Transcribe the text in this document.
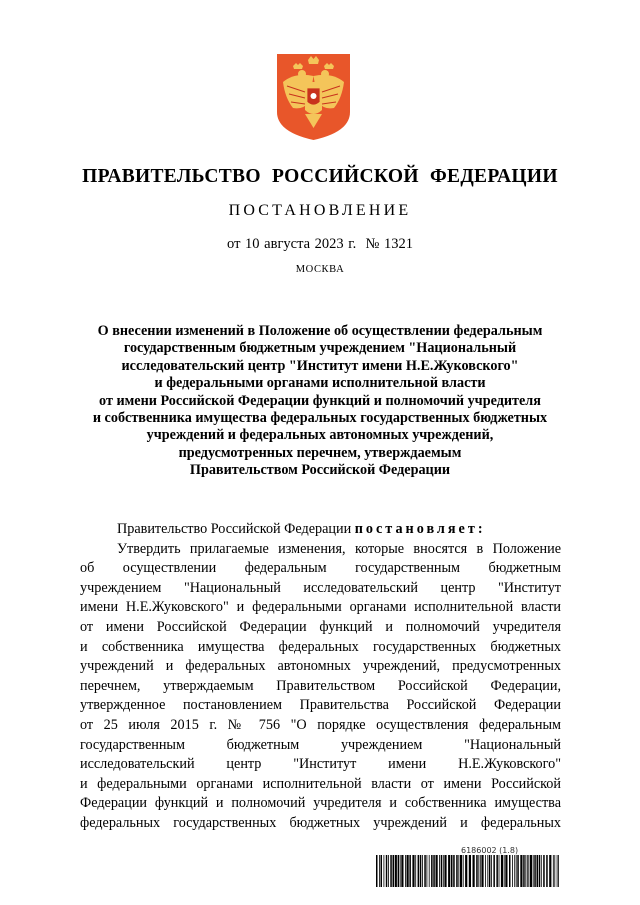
ПРАВИТЕЛЬСТВО РОССИЙСКОЙ ФЕДЕРАЦИИ
ПОСТАНОВЛЕНИЕ
от 10 августа 2023 г.  № 1321
МОСКВА
О внесении изменений в Положение об осуществлении федеральным
государственным бюджетным учреждением "Национальный
исследовательский центр "Институт имени Н.Е.Жуковского"
и федеральными органами исполнительной власти
от имени Российской Федерации функций и полномочий учредителя
и собственника имущества федеральных государственных бюджетных
учреждений и федеральных автономных учреждений,
предусмотренных перечнем, утверждаемым
Правительством Российской Федерации
Правительство Российской Федерации постановляет:
Утвердить прилагаемые изменения, которые вносятся в Положение
об осуществлении федеральным государственным бюджетным
учреждением "Национальный исследовательский центр "Институт
имени Н.Е.Жуковского" и федеральными органами исполнительной власти
от имени Российской Федерации функций и полномочий учредителя
и собственника имущества федеральных государственных бюджетных
учреждений и федеральных автономных учреждений, предусмотренных
перечнем, утверждаемым Правительством Российской Федерации,
утвержденное постановлением Правительства Российской Федерации
от 25 июля 2015 г. № 756 "О порядке осуществления федеральным
государственным бюджетным учреждением "Национальный
исследовательский центр "Институт имени Н.Е.Жуковского"
и федеральными органами исполнительной власти от имени Российской
Федерации функций и полномочий учредителя и собственника имущества
федеральных государственных бюджетных учреждений и федеральных
6186002 (1.8)
